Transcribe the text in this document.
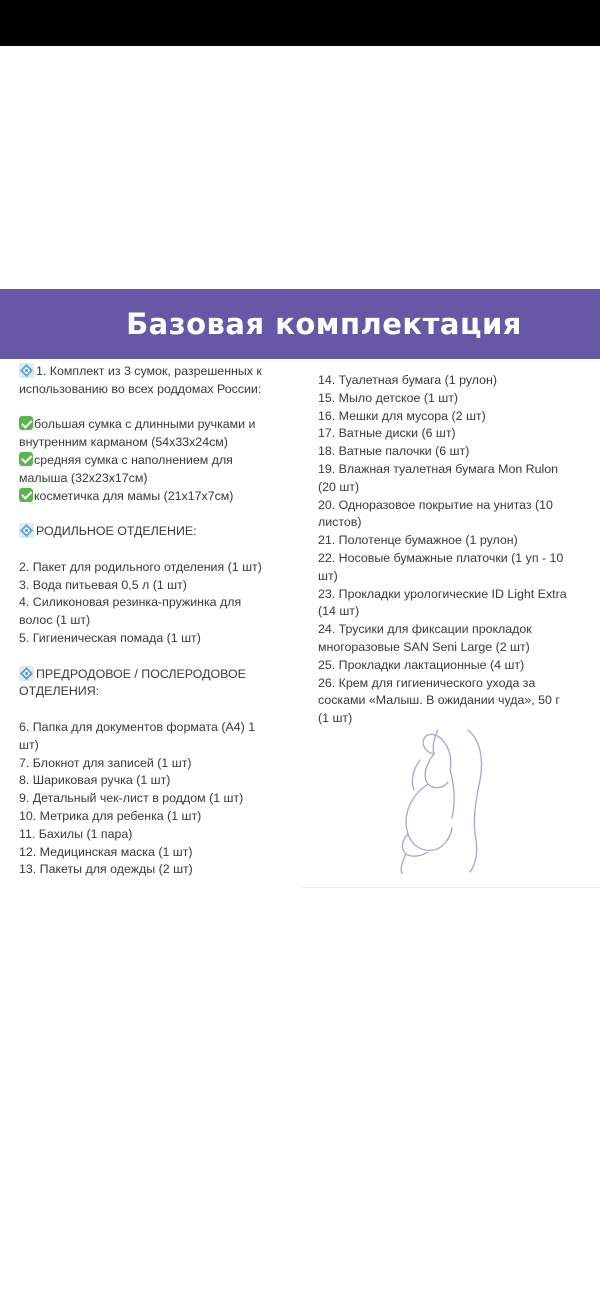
Базовая комплектация
1. Комплект из 3 сумок, разрешенных к
использованию во всех роддомах России:
большая сумка с длинными ручками и
внутренним карманом (54х33х24см)
средняя сумка с наполнением для
малыша (32х23х17см)
косметичка для мамы (21х17х7см)
РОДИЛЬНОЕ ОТДЕЛЕНИЕ:
2. Пакет для родильного отделения (1 шт)
3. Вода питьевая 0,5 л (1 шт)
4. Силиконовая резинка-пружинка для
волос (1 шт)
5. Гигиеническая помада (1 шт)
ПРЕДРОДОВОЕ / ПОСЛЕРОДОВОЕ
ОТДЕЛЕНИЯ:
6. Папка для документов формата (А4) 1
шт)
7. Блокнот для записей (1 шт)
8. Шариковая ручка (1 шт)
9. Детальный чек-лист в роддом (1 шт)
10. Метрика для ребенка (1 шт)
11. Бахилы (1 пара)
12. Медицинская маска (1 шт)
13. Пакеты для одежды (2 шт)
14. Туалетная бумага (1 рулон)
15. Мыло детское (1 шт)
16. Мешки для мусора (2 шт)
17. Ватные диски (6 шт)
18. Ватные палочки (6 шт)
19. Влажная туалетная бумага Mon Rulon
(20 шт)
20. Одноразовое покрытие на унитаз (10
листов)
21. Полотенце бумажное (1 рулон)
22. Носовые бумажные платочки (1 уп - 10
шт)
23. Прокладки урологические ID Light Extra
(14 шт)
24. Трусики для фиксации прокладок
многоразовые SAN Seni Large (2 шт)
25. Прокладки лактационные (4 шт)
26. Крем для гигиенического ухода за
сосками «Малыш. В ожидании чуда», 50 г
(1 шт)
